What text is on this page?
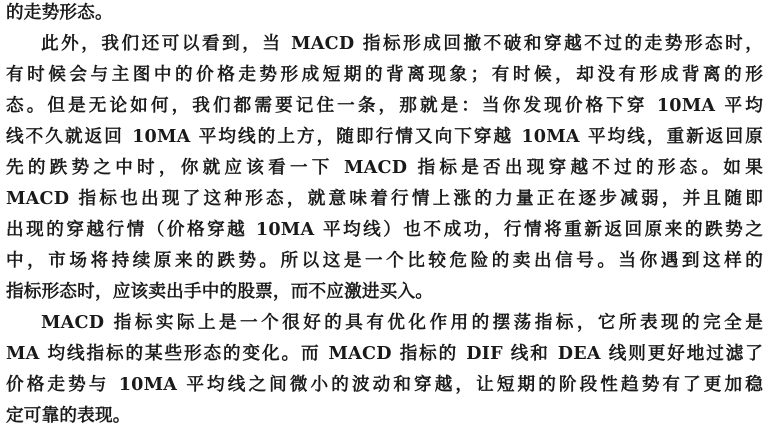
的走势形态。
此外，我们还可以看到，当 MACD 指标形成回撤不破和穿越不过的走势形态时，
有时候会与主图中的价格走势形成短期的背离现象；有时候，却没有形成背离的形
态。但是无论如何，我们都需要记住一条，那就是：当你发现价格下穿 10MA 平均
线不久就返回 10MA 平均线的上方，随即行情又向下穿越 10MA 平均线，重新返回原
先的跌势之中时，你就应该看一下 MACD 指标是否出现穿越不过的形态。如果
MACD 指标也出现了这种形态，就意味着行情上涨的力量正在逐步减弱，并且随即
出现的穿越行情（价格穿越 10MA 平均线）也不成功，行情将重新返回原来的跌势之
中，市场将持续原来的跌势。所以这是一个比较危险的卖出信号。当你遇到这样的
指标形态时，应该卖出手中的股票，而不应激进买入。
MACD 指标实际上是一个很好的具有优化作用的摆荡指标，它所表现的完全是
MA 均线指标的某些形态的变化。而 MACD 指标的 DIF 线和 DEA 线则更好地过滤了
价格走势与 10MA 平均线之间微小的波动和穿越，让短期的阶段性趋势有了更加稳
定可靠的表现。
